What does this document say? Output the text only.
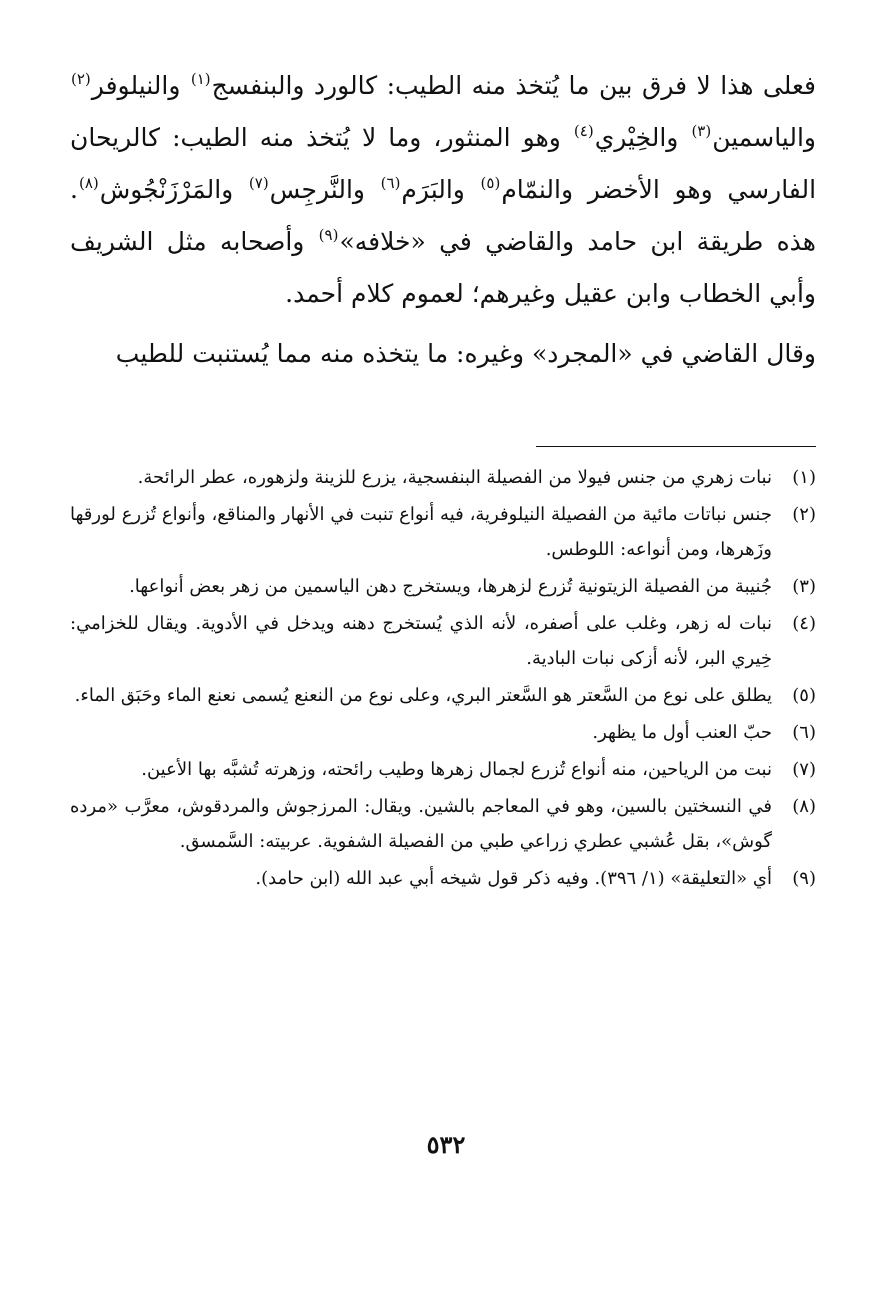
فعلى هذا لا فرق بين ما يُتخذ منه الطيب: كالورد والبنفسج$^{(١)}$ والنيلوفر$^{(٢)}$ والياسمين$^{(٣)}$ والخِيْري$^{(٤)}$ وهو المنثور، وما لا يُتخذ منه الطيب: كالريحان الفارسي وهو الأخضر والنمّام$^{(٥)}$ والبَرَم$^{(٦)}$ والنَّرجِس$^{(٧)}$ والمَرْزَنْجُوش$^{(٨)}$. هذه طريقة ابن حامد والقاضي في «خلافه»$^{(٩)}$ وأصحابه مثل الشريف وأبي الخطاب وابن عقيل وغيرهم؛ لعموم كلام أحمد.

وقال القاضي في «المجرد» وغيره: ما يتخذه منه مما يُستنبت للطيب

(١)
نبات زهري من جنس فيولا من الفصيلة البنفسجية، يزرع للزينة ولزهوره، عطر الرائحة.
(٢)
جنس نباتات مائية من الفصيلة النيلوفرية، فيه أنواع تنبت في الأنهار والمناقع، وأنواع تُزرع لورقها وزَهرها، ومن أنواعه: اللوطس.
(٣)
جُنيبة من الفصيلة الزيتونية تُزرع لزهرها، ويستخرج دهن الياسمين من زهر بعض أنواعها.
(٤)
نبات له زهر، وغلب على أصفره، لأنه الذي يُستخرج دهنه ويدخل في الأدوية. ويقال للخزامي: خِيري البر، لأنه أزكى نبات البادية.
(٥)
يطلق على نوع من السَّعتر هو السَّعتر البري، وعلى نوع من النعنع يُسمى نعنع الماء وحَبَق الماء.
(٦)
حبّ العنب أول ما يظهر.
(٧)
نبت من الرياحين، منه أنواع تُزرع لجمال زهرها وطيب رائحته، وزهرته تُشبَّه بها الأعين.
(٨)
في النسختين بالسين، وهو في المعاجم بالشين. ويقال: المرزجوش والمردقوش، معرَّب «مرده گوش»، بقل عُشبي عطري زراعي طبي من الفصيلة الشفوية. عربيته: السَّمسق.
(٩)
أي «التعليقة» (١/ ٣٩٦). وفيه ذكر قول شيخه أبي عبد الله (ابن حامد).
٥٣٢
